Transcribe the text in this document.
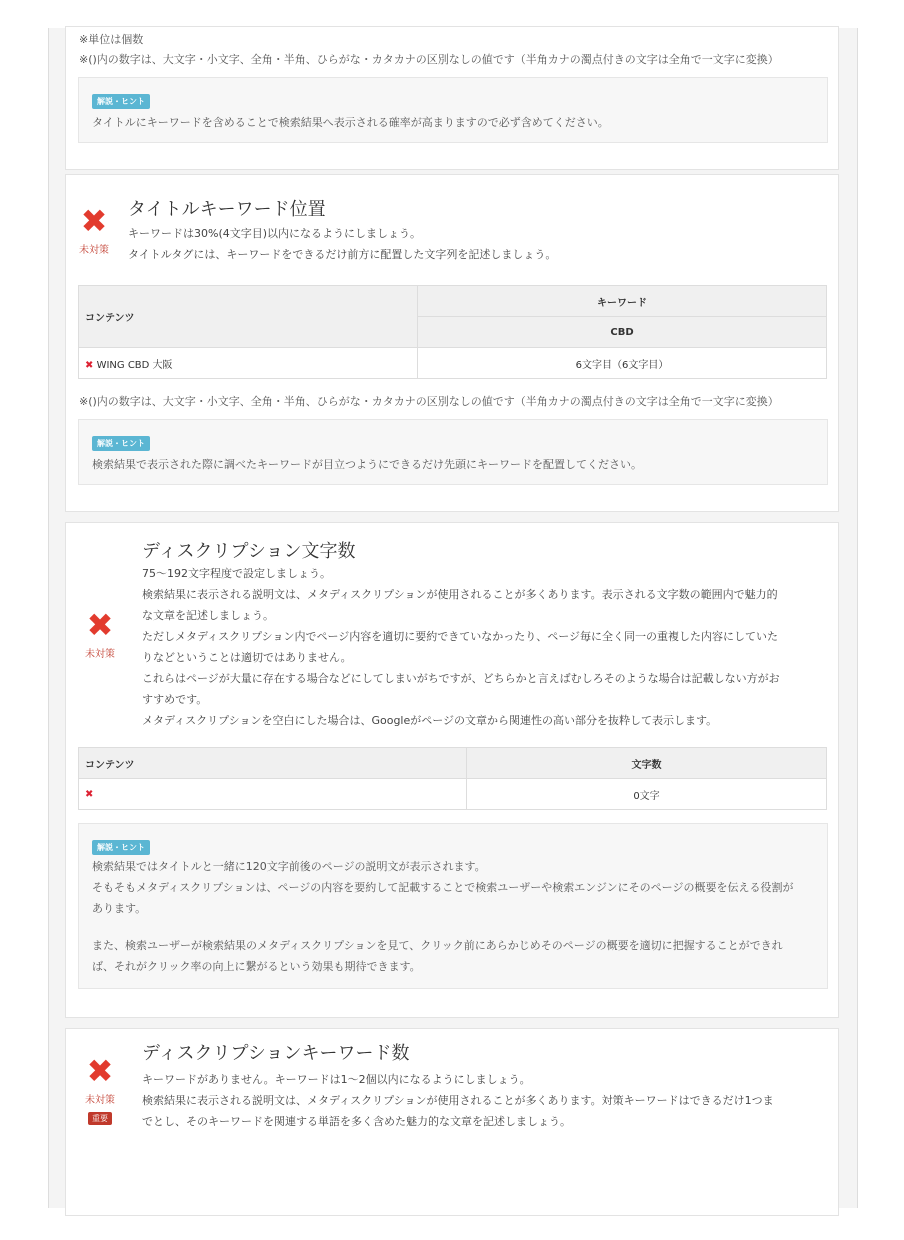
※単位は個数
※()内の数字は、大文字・小文字、全角・半角、ひらがな・カタカナの区別なしの値です（半角カナの濁点付きの文字は全角で一文字に変換）
解説・ヒント
タイトルにキーワードを含めることで検索結果へ表示される確率が高まりますので必ず含めてください。
✖
未対策
タイトルキーワード位置
キーワードは30%(4文字目)以内になるようにしましょう。
タイトルタグには、キーワードをできるだけ前方に配置した文字列を記述しましょう。
コンテンツ	キーワード
	CBD
✖ WING CBD 大阪	6文字目（6文字目）
※()内の数字は、大文字・小文字、全角・半角、ひらがな・カタカナの区別なしの値です（半角カナの濁点付きの文字は全角で一文字に変換）
解説・ヒント
検索結果で表示された際に調べたキーワードが目立つようにできるだけ先頭にキーワードを配置してください。
✖
未対策
ディスクリプション文字数
75〜192文字程度で設定しましょう。
検索結果に表示される説明文は、メタディスクリプションが使用されることが多くあります。表示される文字数の範囲内で魅力的
な文章を記述しましょう。
ただしメタディスクリプション内でページ内容を適切に要約できていなかったり、ページ毎に全く同一の重複した内容にしていた
りなどということは適切ではありません。
これらはページが大量に存在する場合などにしてしまいがちですが、どちらかと言えばむしろそのような場合は記載しない方がお
すすめです。
メタディスクリプションを空白にした場合は、Googleがページの文章から関連性の高い部分を抜粋して表示します。
コンテンツ	文字数
✖	0文字
解説・ヒント
検索結果ではタイトルと一緒に120文字前後のページの説明文が表示されます。
そもそもメタディスクリプションは、ページの内容を要約して記載することで検索ユーザーや検索エンジンにそのページの概要を伝える役割が
あります。
また、検索ユーザーが検索結果のメタディスクリプションを見て、クリック前にあらかじめそのページの概要を適切に把握することができれ
ば、それがクリック率の向上に繋がるという効果も期待できます。
✖
未対策
重要
ディスクリプションキーワード数
キーワードがありません。キーワードは1〜2個以内になるようにしましょう。
検索結果に表示される説明文は、メタディスクリプションが使用されることが多くあります。対策キーワードはできるだけ1つま
でとし、そのキーワードを関連する単語を多く含めた魅力的な文章を記述しましょう。
